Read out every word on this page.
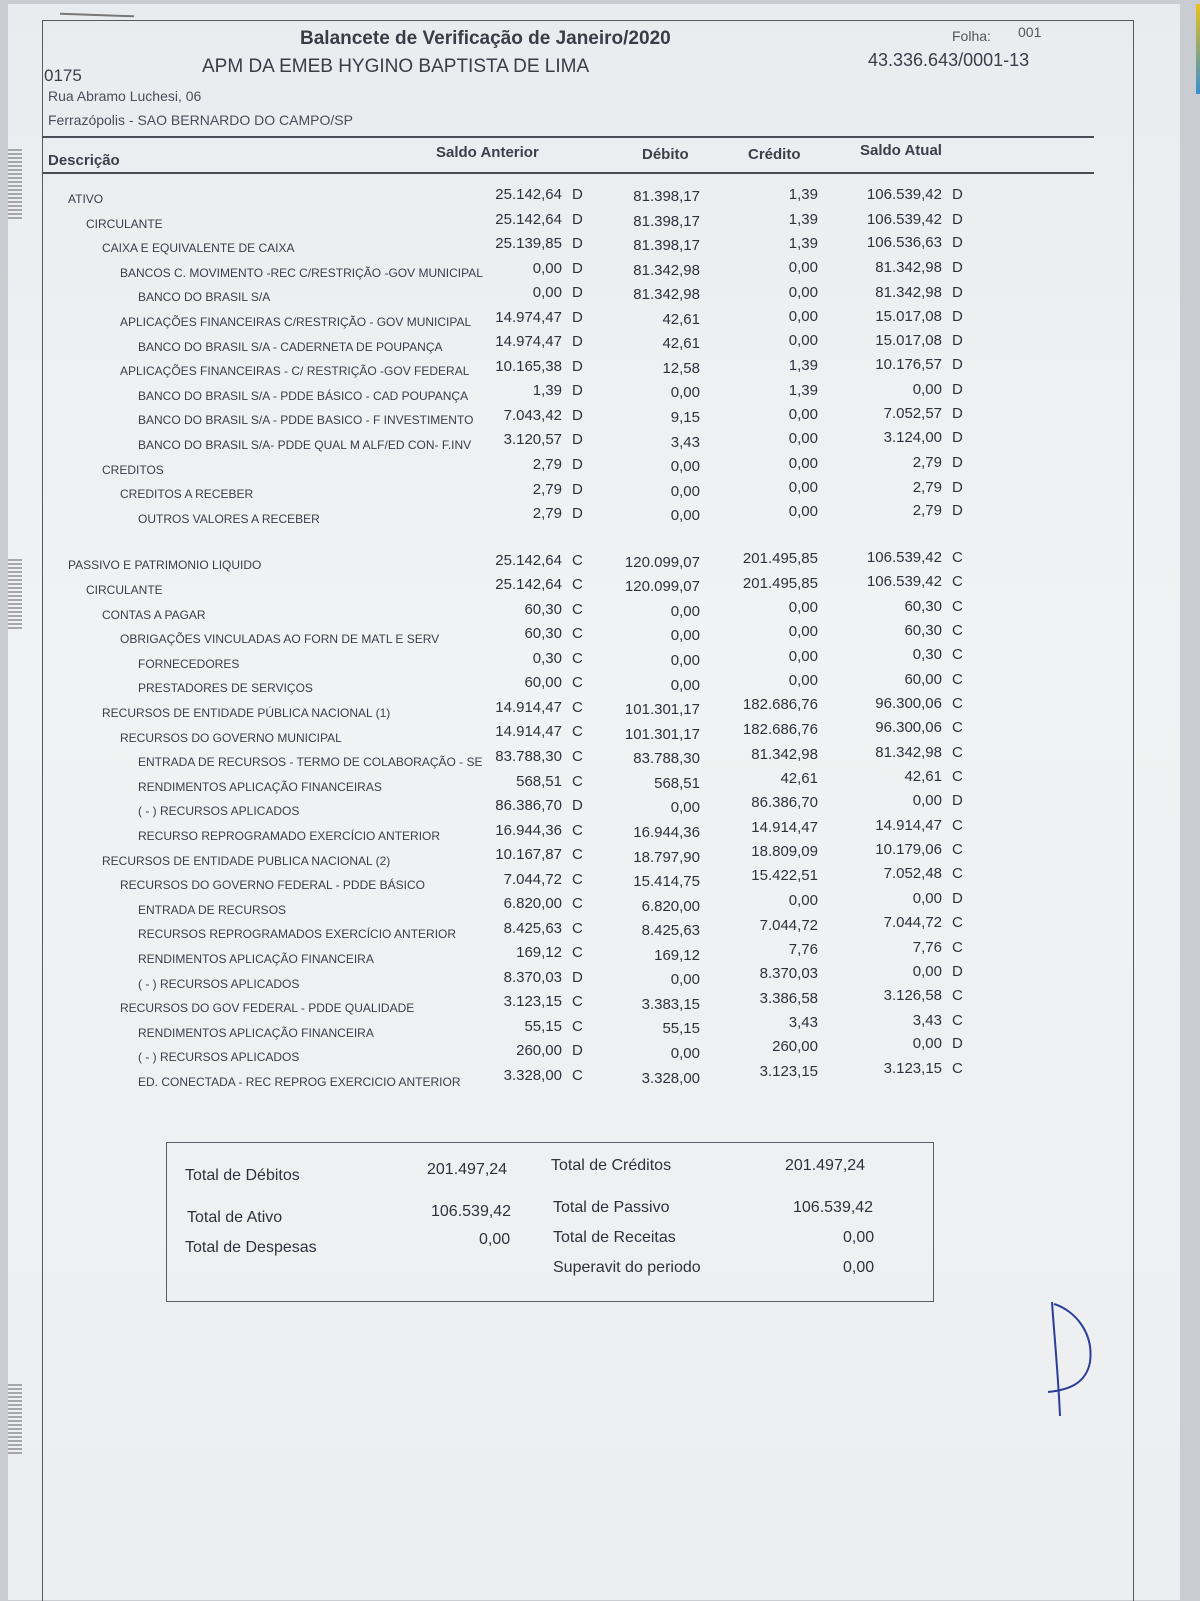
Balancete de Verificação de Janeiro/2020	Folha: 001
0175	APM DA EMEB HYGINO BAPTISTA DE LIMA	43.336.643/0001-13
Rua Abramo Luchesi, 06
Ferrazópolis - SAO BERNARDO DO CAMPO/SP
Descrição	Saldo Anterior	Débito	Crédito	Saldo Atual
ATIVO	25.142,64 D	81.398,17	1,39	106.539,42 D
CIRCULANTE	25.142,64 D	81.398,17	1,39	106.539,42 D
CAIXA E EQUIVALENTE DE CAIXA	25.139,85 D	81.398,17	1,39	106.536,63 D
BANCOS C. MOVIMENTO -REC C/RESTRIÇÃO -GOV MUNICIPAL	0,00 D	81.342,98	0,00	81.342,98 D
BANCO DO BRASIL S/A	0,00 D	81.342,98	0,00	81.342,98 D
APLICAÇÕES FINANCEIRAS C/RESTRIÇÃO - GOV MUNICIPAL 14.974,47 D	42,61	0,00	15.017,08 D
BANCO DO BRASIL S/A - CADERNETA DE POUPANÇA	14.974,47 D	42,61	0,00	15.017,08 D
APLICAÇÕES FINANCEIRAS - C/ RESTRIÇÃO -GOV FEDERAL 10.165,38 D	12,58	1,39	10.176,57 D
BANCO DO BRASIL S/A - PDDE BÁSICO - CAD POUPANÇA	1,39 D	0,00	1,39	0,00 D
BANCO DO BRASIL S/A - PDDE BASICO - F INVESTIMENTO 7.043,42 D	9,15	0,00	7.052,57 D
BANCO DO BRASIL S/A- PDDE QUAL M ALF/ED CON- F.INV 3.120,57 D	3,43	0,00	3.124,00 D
CREDITOS	2,79 D	0,00	0,00	2,79 D
CREDITOS A RECEBER	2,79 D	0,00	0,00	2,79 D
OUTROS VALORES A RECEBER	2,79 D	0,00	0,00	2,79 D
PASSIVO E PATRIMONIO LIQUIDO	25.142,64 C	120.099,07	201.495,85	106.539,42 C
CIRCULANTE	25.142,64 C	120.099,07	201.495,85	106.539,42 C
CONTAS A PAGAR	60,30 C	0,00	0,00	60,30 C
OBRIGAÇÕES VINCULADAS AO FORN DE MATL E SERV	60,30 C	0,00	0,00	60,30 C
FORNECEDORES	0,30 C	0,00	0,00	0,30 C
PRESTADORES DE SERVIÇOS	60,00 C	0,00	0,00	60,00 C
RECURSOS DE ENTIDADE PÚBLICA NACIONAL (1)	14.914,47 C	101.301,17	182.686,76	96.300,06 C
RECURSOS DO GOVERNO MUNICIPAL	14.914,47 C	101.301,17	182.686,76	96.300,06 C
ENTRADA DE RECURSOS - TERMO DE COLABORAÇÃO - SE 83.788,30 C	83.788,30	81.342,98	81.342,98 C
RENDIMENTOS APLICAÇÃO FINANCEIRAS	568,51 C	568,51	42,61	42,61 C
( - ) RECURSOS APLICADOS	86.386,70 D	0,00	86.386,70	0,00 D
RECURSO REPROGRAMADO EXERCÍCIO ANTERIOR	16.944,36 C	16.944,36	14.914,47	14.914,47 C
RECURSOS DE ENTIDADE PUBLICA NACIONAL (2)	10.167,87 C	18.797,90	18.809,09	10.179,06 C
RECURSOS DO GOVERNO FEDERAL - PDDE BÁSICO	7.044,72 C	15.414,75	15.422,51	7.052,48 C
ENTRADA DE RECURSOS	6.820,00 C	6.820,00	0,00	0,00 D
RECURSOS REPROGRAMADOS EXERCÍCIO ANTERIOR	8.425,63 C	8.425,63	7.044,72	7.044,72 C
RENDIMENTOS APLICAÇÃO FINANCEIRA	169,12 C	169,12	7,76	7,76 C
( - ) RECURSOS APLICADOS	8.370,03 D	0,00	8.370,03	0,00 D
RECURSOS DO GOV FEDERAL - PDDE QUALIDADE	3.123,15 C	3.383,15	3.386,58	3.126,58 C
RENDIMENTOS APLICAÇÃO FINANCEIRA	55,15 C	55,15	3,43	3,43 C
( - ) RECURSOS APLICADOS	260,00 D	0,00	260,00	0,00 D
ED. CONECTADA - REC REPROG EXERCICIO ANTERIOR	3.328,00 C	3.328,00	3.123,15	3.123,15 C
Total de Débitos	201.497,24	Total de Créditos	201.497,24
Total de Ativo	106.539,42	Total de Passivo	106.539,42
Total de Despesas	0,00	Total de Receitas	0,00
Superavit do periodo	0,00
